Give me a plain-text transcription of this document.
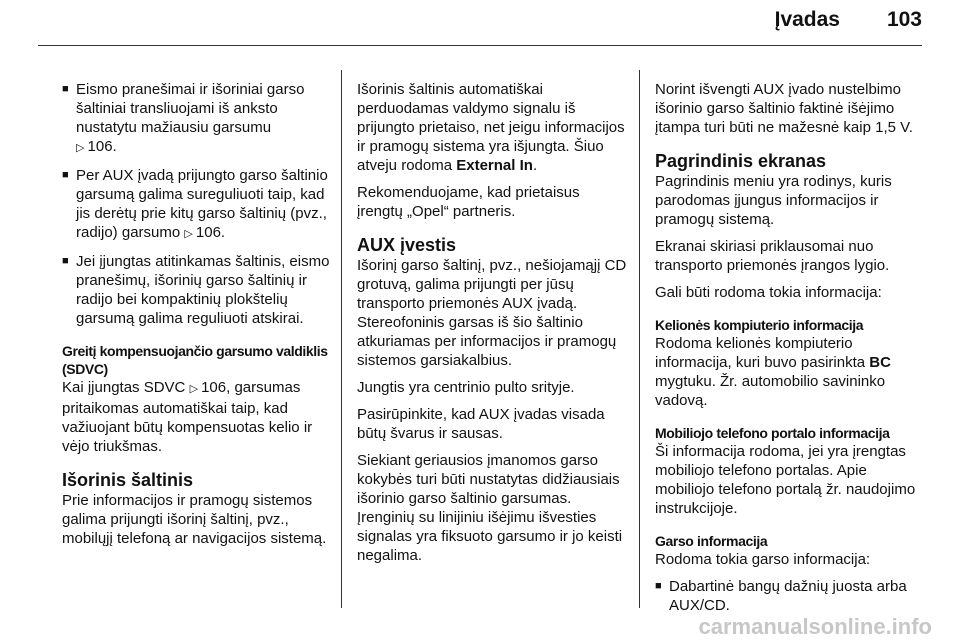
Įvadas 103
■ Eismo pranešimai ir išoriniai garso šaltiniai transliuojami iš anksto nustatytu mažiausiu garsumu
▷ 106.
■ Per AUX įvadą prijungto garso šaltinio garsumą galima sureguliuoti taip, kad jis derėtų prie kitų garso šaltinių (pvz., radijo) garsumo ▷ 106.
■ Jei įjungtas atitinkamas šaltinis, eismo pranešimų, išorinių garso šaltinių ir radijo bei kompaktinių plokštelių garsumą galima reguliuoti atskirai.
Greitį kompensuojančio garsumo valdiklis (SDVC)

Kai įjungtas SDVC ▷ 106, garsumas pritaikomas automatiškai taip, kad važiuojant būtų kompensuotas kelio ir vėjo triukšmas.

Išorinis šaltinis

Prie informacijos ir pramogų sistemos galima prijungti išorinį šaltinį, pvz., mobilųjį telefoną ar navigacijos sistemą.

Išorinis šaltinis automatiškai perduodamas valdymo signalu iš prijungto prietaiso, net jeigu informacijos ir pramogų sistema yra išjungta. Šiuo atveju rodoma External In.

Rekomenduojame, kad prietaisus įrengtų „Opel“ partneris.

AUX įvestis

Išorinį garso šaltinį, pvz., nešiojamąjį CD grotuvą, galima prijungti per jūsų transporto priemonės AUX įvadą. Stereofoninis garsas iš šio šaltinio atkuriamas per informacijos ir pramogų sistemos garsiakalbius.

Jungtis yra centrinio pulto srityje.

Pasirūpinkite, kad AUX įvadas visada būtų švarus ir sausas.

Siekiant geriausios įmanomos garso kokybės turi būti nustatytas didžiausiais išorinio garso šaltinio garsumas. Įrenginių su linijiniu išėjimu išvesties signalas yra fiksuoto garsumo ir jo keisti negalima.

Norint išvengti AUX įvado nustelbimo išorinio garso šaltinio faktinė išėjimo įtampa turi būti ne mažesnė kaip 1,5 V.

Pagrindinis ekranas

Pagrindinis meniu yra rodinys, kuris parodomas įjungus informacijos ir pramogų sistemą.

Ekranai skiriasi priklausomai nuo transporto priemonės įrangos lygio.

Gali būti rodoma tokia informacija:

Kelionės kompiuterio informacija

Rodoma kelionės kompiuterio informacija, kuri buvo pasirinkta BC mygtuku. Žr. automobilio savininko vadovą.

Mobiliojo telefono portalo informacija

Ši informacija rodoma, jei yra įrengtas mobiliojo telefono portalas. Apie mobiliojo telefono portalą žr. naudojimo instrukcijoje.

Garso informacija

Rodoma tokia garso informacija:

■ Dabartinė bangų dažnių juosta arba AUX/CD.
carmanualsonline.info
